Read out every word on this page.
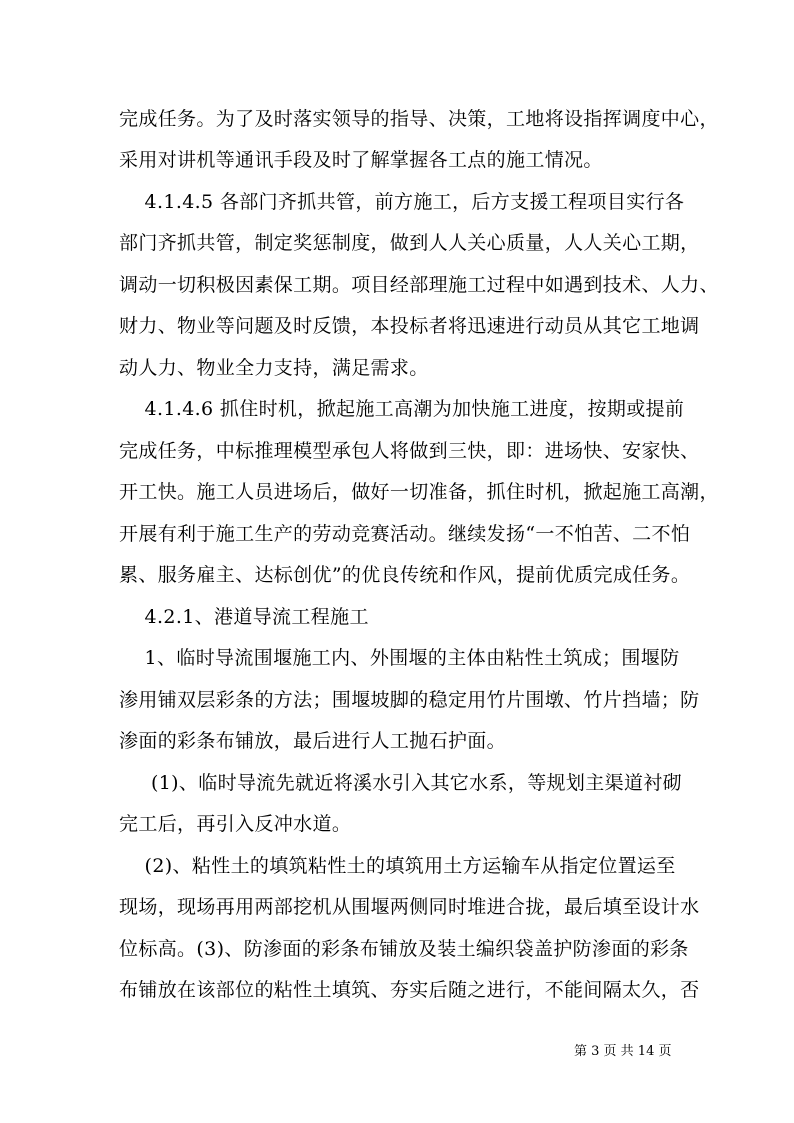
完成任务。为了及时落实领导的指导、决策，工地将设指挥调度中心，
采用对讲机等通讯手段及时了解掌握各工点的施工情况。
4.1.4.5 各部门齐抓共管，前方施工，后方支援工程项目实行各
部门齐抓共管，制定奖惩制度，做到人人关心质量，人人关心工期，
调动一切积极因素保工期。项目经部理施工过程中如遇到技术、人力、
财力、物业等问题及时反馈，本投标者将迅速进行动员从其它工地调
动人力、物业全力支持，满足需求。
4.1.4.6 抓住时机，掀起施工高潮为加快施工进度，按期或提前
完成任务，中标推理模型承包人将做到三快，即：进场快、安家快、
开工快。施工人员进场后，做好一切准备，抓住时机，掀起施工高潮，
开展有利于施工生产的劳动竞赛活动。继续发扬“一不怕苦、二不怕
累、服务雇主、达标创优”的优良传统和作风，提前优质完成任务。
4.2.1、港道导流工程施工
1、临时导流围堰施工内、外围堰的主体由粘性土筑成；围堰防
渗用铺双层彩条的方法；围堰坡脚的稳定用竹片围墩、竹片挡墙；防
渗面的彩条布铺放，最后进行人工抛石护面。
(1)、临时导流先就近将溪水引入其它水系，等规划主渠道衬砌
完工后，再引入反冲水道。
(2)、粘性土的填筑粘性土的填筑用土方运输车从指定位置运至
现场，现场再用两部挖机从围堰两侧同时堆进合拢，最后填至设计水
位标高。(3)、防渗面的彩条布铺放及装土编织袋盖护防渗面的彩条
布铺放在该部位的粘性土填筑、夯实后随之进行，不能间隔太久，否
第 3 页 共 14 页
